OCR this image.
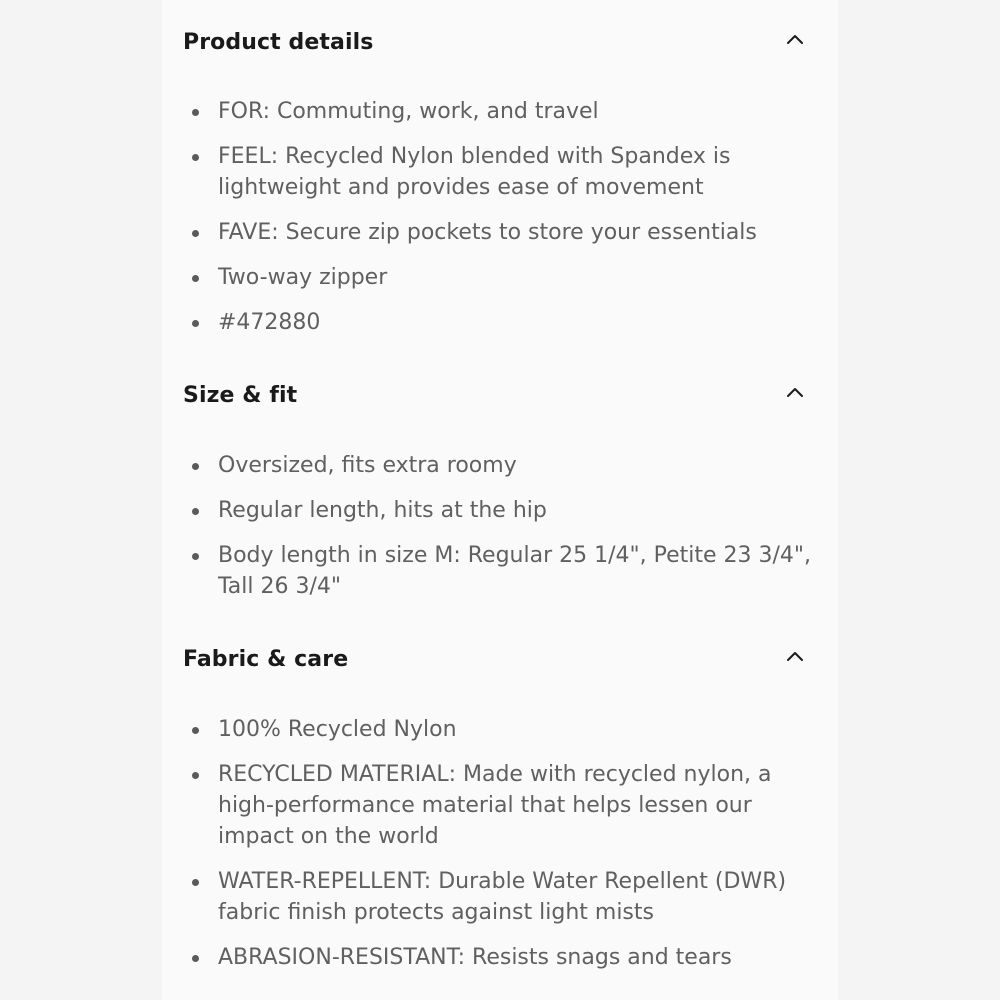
Product details
FOR: Commuting, work, and travel
FEEL: Recycled Nylon blended with Spandex is lightweight and provides ease of movement
FAVE: Secure zip pockets to store your essentials
Two-way zipper
#472880
Size & fit
Oversized, fits extra roomy
Regular length, hits at the hip
Body length in size M: Regular 25 1/4", Petite 23 3/4", Tall 26 3/4"
Fabric & care
100% Recycled Nylon
RECYCLED MATERIAL: Made with recycled nylon, a high-performance material that helps lessen our impact on the world
WATER-REPELLENT: Durable Water Repellent (DWR) fabric finish protects against light mists
ABRASION-RESISTANT: Resists snags and tears
